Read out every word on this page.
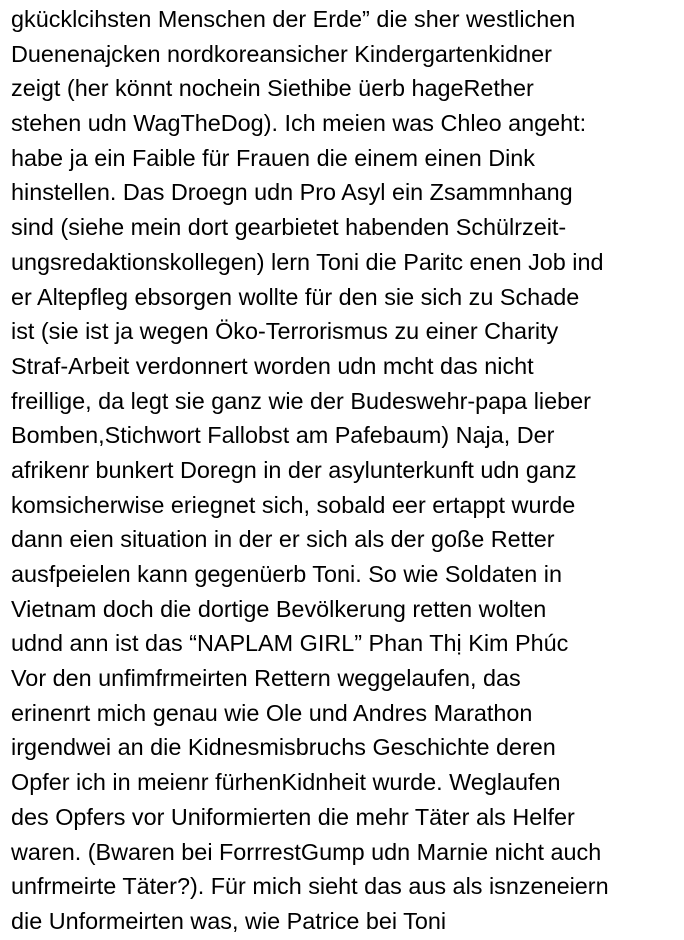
gkücklcihsten Menschen der Erde” die sher westlichen
Duenenajcken nordkoreansicher Kindergartenkidner
zeigt (her könnt nochein Siethibe üerb hageRether
stehen udn WagTheDog). Ich meien was Chleo angeht:
habe ja ein Faible für Frauen die einem einen Dink
hinstellen. Das Droegn udn Pro Asyl ein Zsammnhang
sind (siehe mein dort gearbietet habenden Schülrzeit-
ungsredaktionskollegen) lern Toni die Paritc enen Job ind
er Altepfleg ebsorgen wollte für den sie sich zu Schade
ist (sie ist ja wegen Öko-Terrorismus zu einer Charity
Straf-Arbeit verdonnert worden udn mcht das nicht
freillige, da legt sie ganz wie der Budeswehr-papa lieber
Bomben,Stichwort Fallobst am Pafebaum) Naja, Der
afrikenr bunkert Doregn in der asylunterkunft udn ganz
komsicherwise eriegnet sich, sobald eer ertappt wurde
dann eien situation in der er sich als der goße Retter
ausfpeielen kann gegenüerb Toni. So wie Soldaten in
Vietnam doch die dortige Bevölkerung retten wolten
udnd ann ist das “NAPLAM GIRL” Phan Thị Kim Phúc
Vor den unfimfrmeirten Rettern weggelaufen, das
erinenrt mich genau wie Ole und Andres Marathon
irgendwei an die Kidnesmisbruchs Geschichte deren
Opfer ich in meienr fürhenKidnheit wurde. Weglaufen
des Opfers vor Uniformierten die mehr Täter als Helfer
waren. (Bwaren bei ForrrestGump udn Marnie nicht auch
unfrmeirte Täter?). Für mich sieht das aus als isnzeneiern
die Unformeirten was, wie Patrice bei Toni
